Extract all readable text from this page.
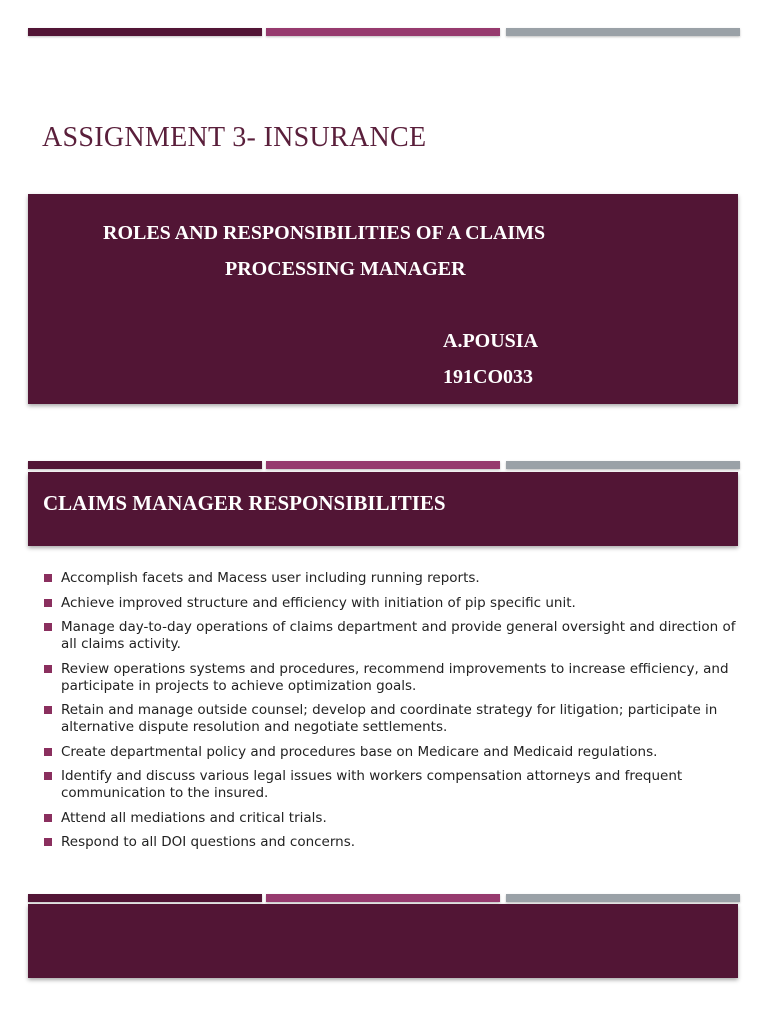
ASSIGNMENT 3- INSURANCE

ROLES AND RESPONSIBILITIES OF A CLAIMS

PROCESSING MANAGER

A.POUSIA

191CO033

CLAIMS MANAGER RESPONSIBILITIES
Accomplish facets and Macess user including running reports.
Achieve improved structure and efficiency with initiation of pip specific unit.
Manage day-to-day operations of claims department and provide general oversight and direction of all claims activity.
Review operations systems and procedures, recommend improvements to increase efficiency, and participate in projects to achieve optimization goals.
Retain and manage outside counsel; develop and coordinate strategy for litigation; participate in alternative dispute resolution and negotiate settlements.
Create departmental policy and procedures base on Medicare and Medicaid regulations.
Identify and discuss various legal issues with workers compensation attorneys and frequent communication to the insured.
Attend all mediations and critical trials.
Respond to all DOI questions and concerns.
